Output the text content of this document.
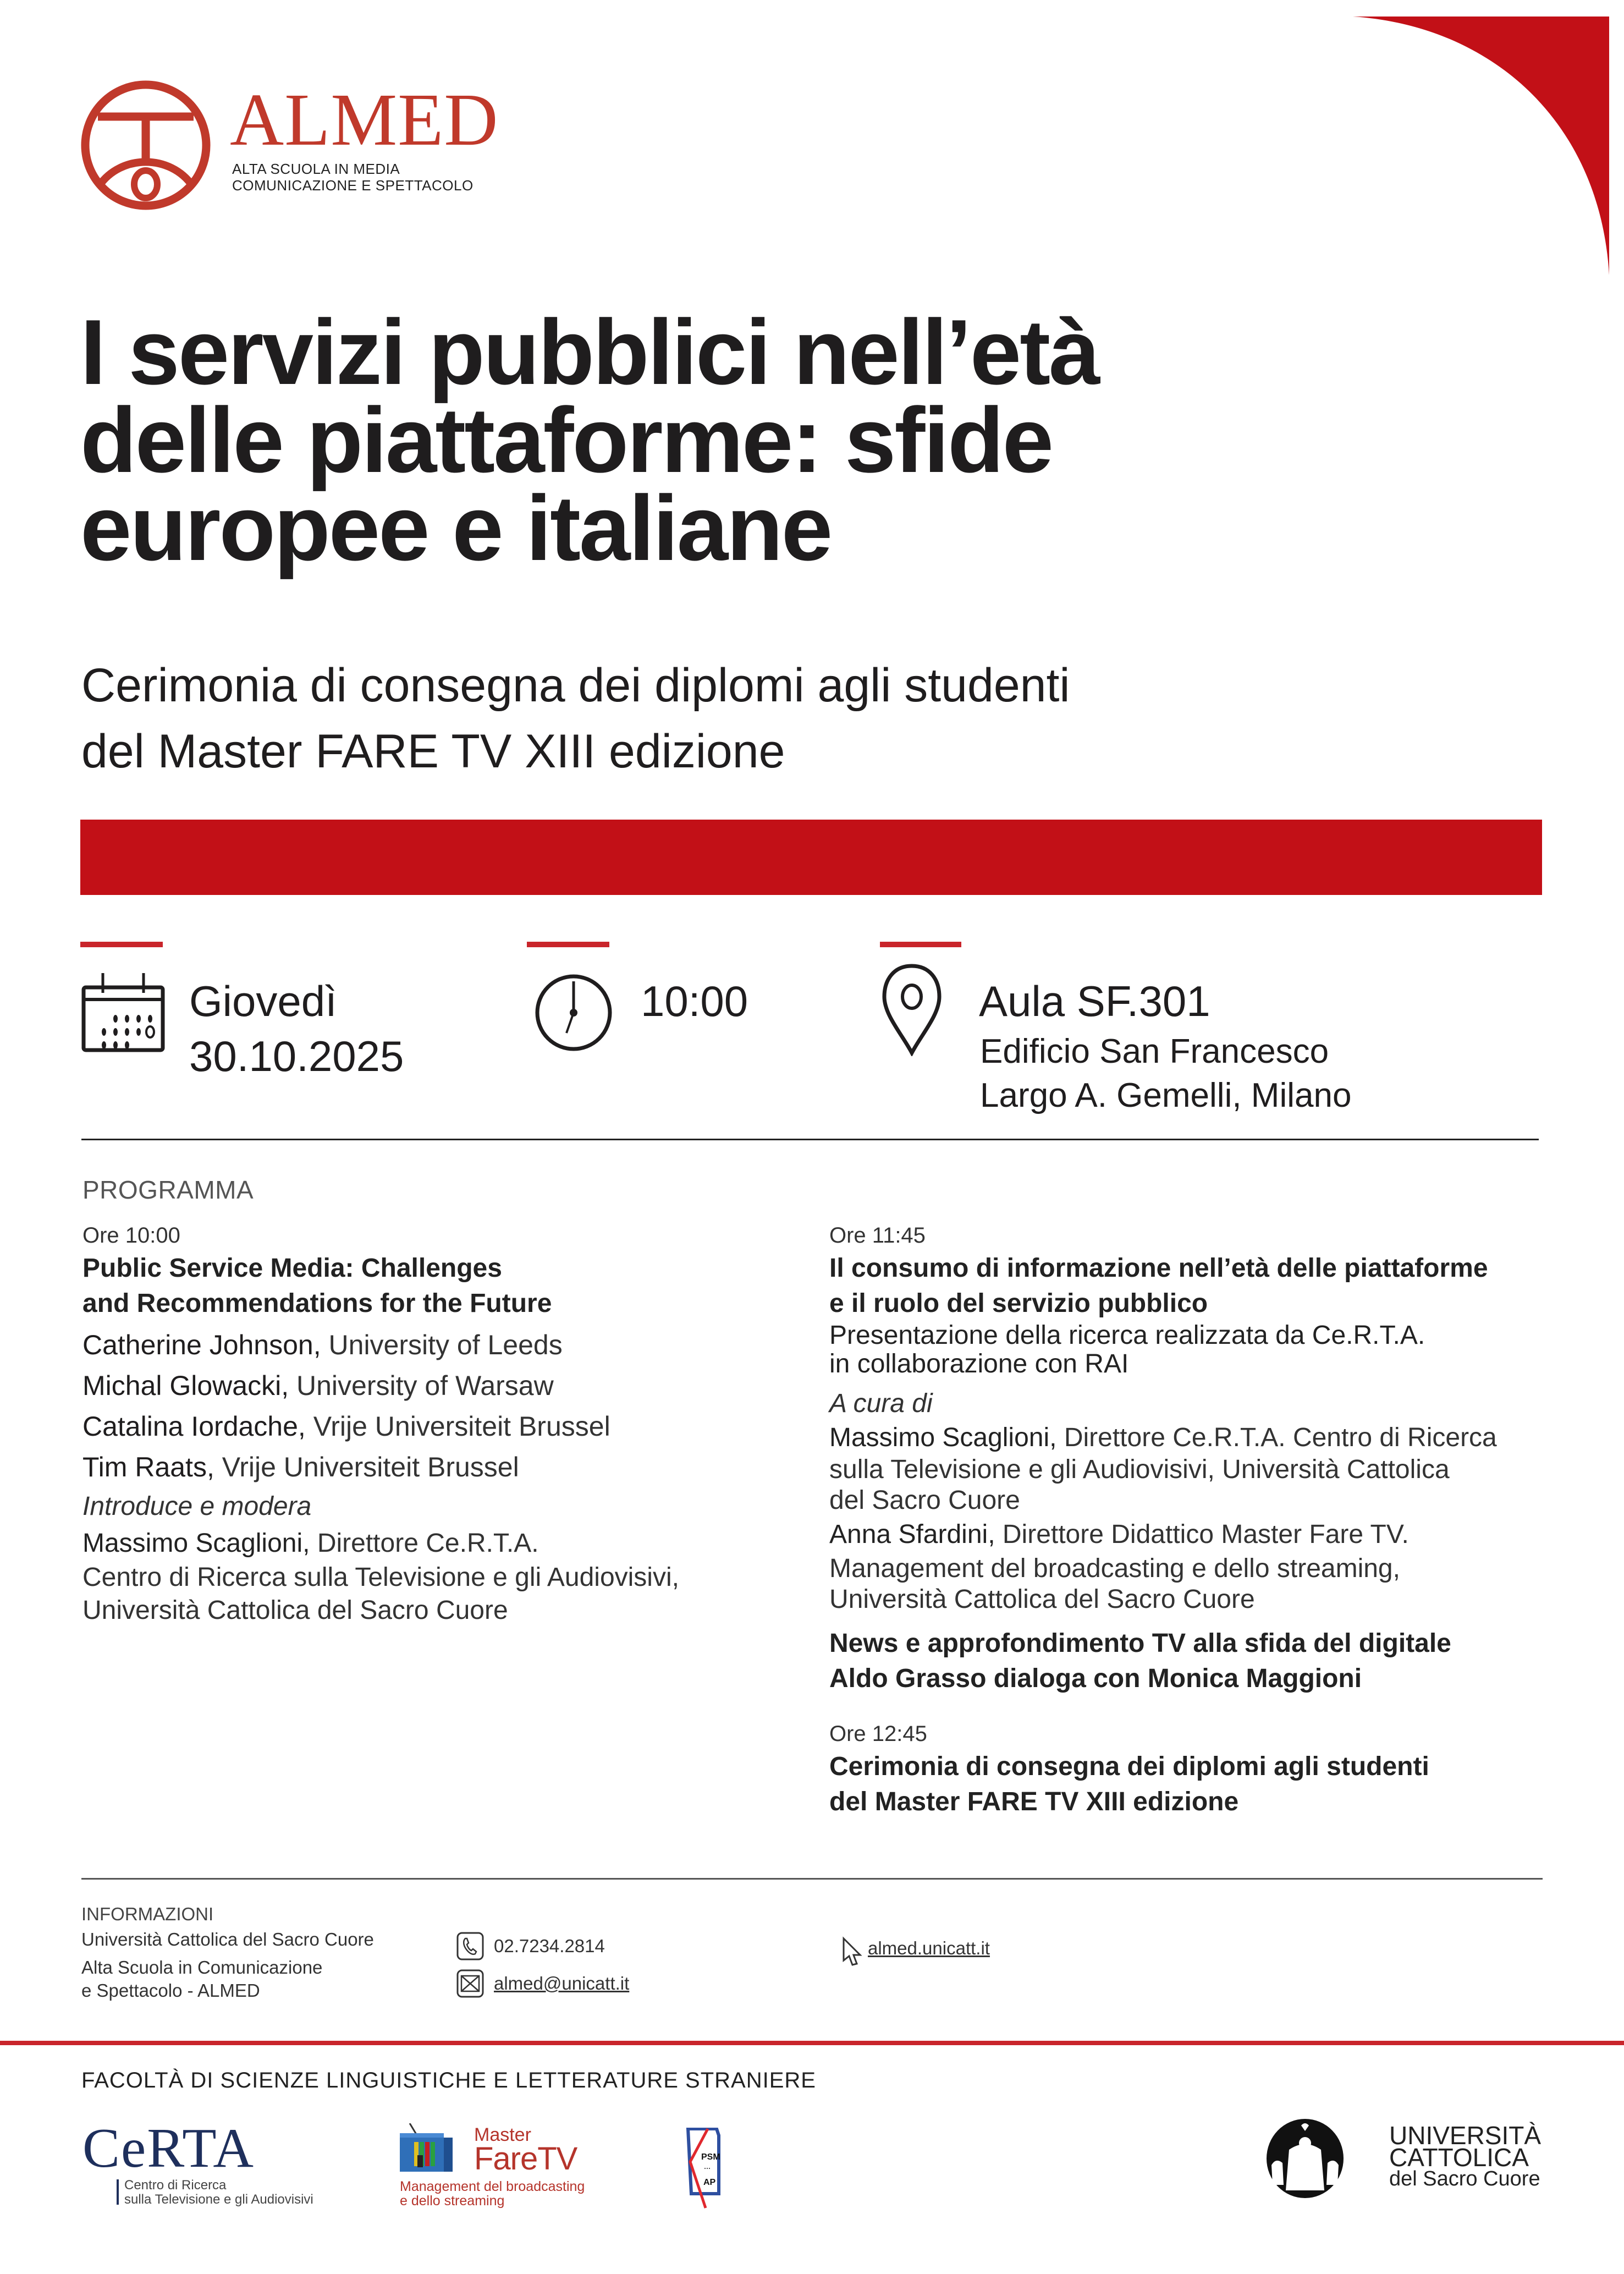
ALMED
ALTA SCUOLA IN MEDIA
COMUNICAZIONE E SPETTACOLO
I servizi pubblici nell’età
delle piattaforme: sfide
europee e italiane
Cerimonia di consegna dei diplomi agli studenti
del Master FARE TV XIII edizione
Giovedì
30.10.2025
10:00	Aula SF.301
Edificio San Francesco
Largo A. Gemelli, Milano
PROGRAMMA
Ore 10:00
Public Service Media: Challenges
and Recommendations for the Future
Catherine Johnson, University of Leeds
Michal Glowacki, University of Warsaw
Catalina Iordache, Vrije Universiteit Brussel
Tim Raats, Vrije Universiteit Brussel
Introduce e modera
Massimo Scaglioni, Direttore Ce.R.T.A.
Centro di Ricerca sulla Televisione e gli Audiovisivi,
Università Cattolica del Sacro Cuore
Ore 11:45
Il consumo di informazione nell’età delle piattaforme
e il ruolo del servizio pubblico
Presentazione della ricerca realizzata da Ce.R.T.A.
in collaborazione con RAI
A cura di
Massimo Scaglioni, Direttore Ce.R.T.A. Centro di Ricerca
sulla Televisione e gli Audiovisivi, Università Cattolica
del Sacro Cuore
Anna Sfardini, Direttore Didattico Master Fare TV.
Management del broadcasting e dello streaming,
Università Cattolica del Sacro Cuore
News e approfondimento TV alla sfida del digitale
Aldo Grasso dialoga con Monica Maggioni
Ore 12:45
Cerimonia di consegna dei diplomi agli studenti
del Master FARE TV XIII edizione
INFORMAZIONI
Università Cattolica del Sacro Cuore
Alta Scuola in Comunicazione
e Spettacolo - ALMED
02.7234.2814
almed@unicatt.it
almed.unicatt.it
FACOLTÀ DI SCIENZE LINGUISTICHE E LETTERATURE STRANIERE
CeRTA
Centro di Ricerca
sulla Televisione e gli Audiovisivi
Master
FareTV
Management del broadcasting
e dello streaming
PSM
AP
UNIVERSITÀ
CATTOLICA
del Sacro Cuore
